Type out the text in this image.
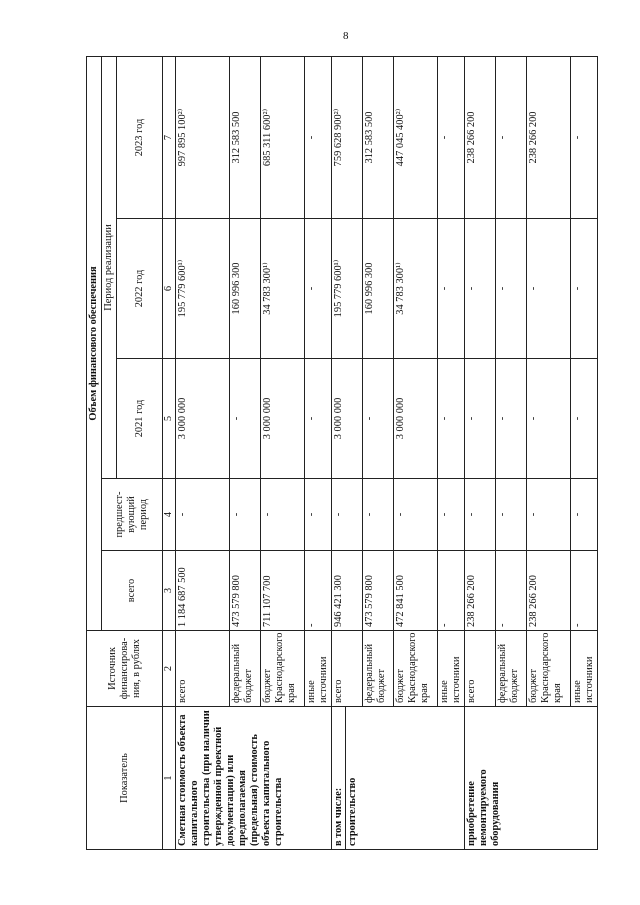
8
Показатель	Источник финансирова-ния, в рублях	Объем финансового обеспечения				
		всего	предшест-вующий период	Период реализации		
				2021 год	2022 год	2023 год
1	2	3	4	5	6	7

Сметная стоимость объекта капитального строительства (при наличии утвержденной проектной документации) или предполагаемая (предельная) стоимость объекта капитального строительства	всего	1 184 687 500	-	3 000 000	195 779 600¹⁾	997 895 100²⁾
	федеральный бюджет	473 579 800	-	-	160 996 300	312 583 500
	бюджет Краснодарского края	711 107 700	-	3 000 000	34 783 300¹⁾	685 311 600²⁾
	иные источники	-	-	-	-	-

в том числе: строительство	всего	946 421 300	-	3 000 000	195 779 600¹⁾	759 628 900²⁾
	федеральный бюджет	473 579 800	-	-	160 996 300	312 583 500
	бюджет Краснодарского края	472 841 500	-	3 000 000	34 783 300¹⁾	447 045 400²⁾
	иные источники	-	-	-	-	-

приобретение немонтируемого оборудования	всего	238 266 200	-	-	-	238 266 200
	федеральный бюджет	-	-	-	-	-
	бюджет Краснодарского края	238 266 200	-	-	-	238 266 200
	иные источники	-	-	-	-	-
